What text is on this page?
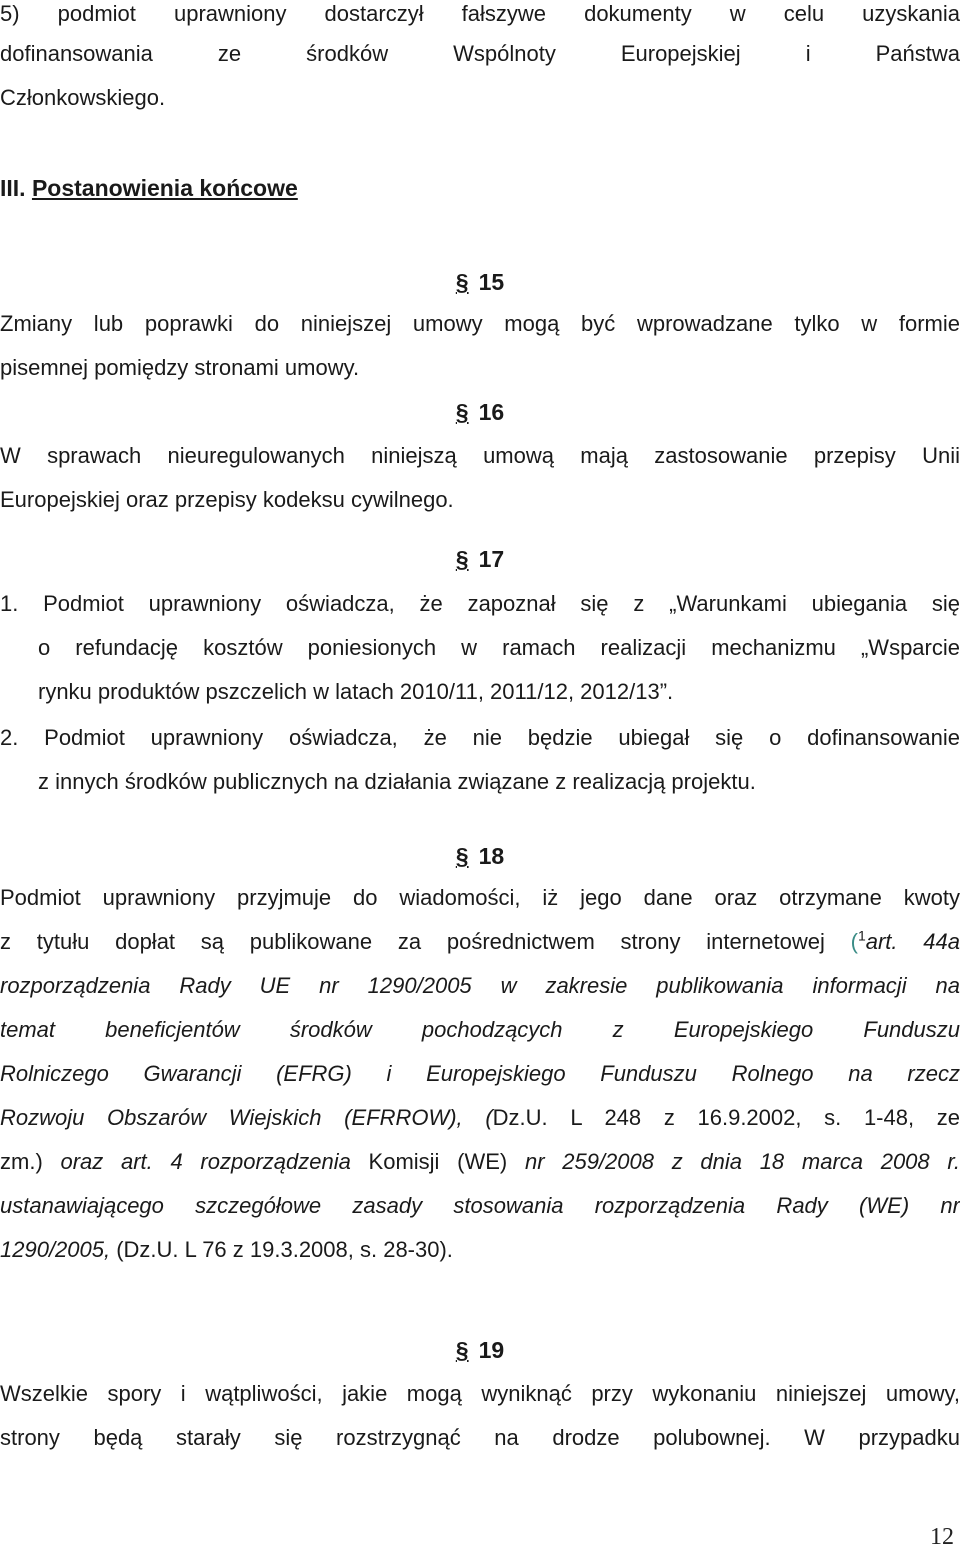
5) podmiot uprawniony dostarczył fałszywe dokumenty w celu uzyskania
dofinansowania ze środków Wspólnoty Europejskiej i Państwa
Członkowskiego.
III. Postanowienia końcowe
§ 15
Zmiany lub poprawki do niniejszej umowy mogą być wprowadzane tylko w formie
pisemnej pomiędzy stronami umowy.
§ 16
W sprawach nieuregulowanych niniejszą umową mają zastosowanie przepisy Unii
Europejskiej oraz przepisy kodeksu cywilnego.
§ 17
1. Podmiot uprawniony oświadcza, że zapoznał się z „Warunkami ubiegania się
o refundację kosztów poniesionych w ramach realizacji mechanizmu „Wsparcie
rynku produktów pszczelich w latach 2010/11, 2011/12, 2012/13”.
2. Podmiot uprawniony oświadcza, że nie będzie ubiegał się o dofinansowanie
z innych środków publicznych na działania związane z realizacją projektu.
§ 18
Podmiot uprawniony przyjmuje do wiadomości, iż jego dane oraz otrzymane kwoty
z tytułu dopłat są publikowane za pośrednictwem strony internetowej ($^1$art. 44a
rozporządzenia Rady UE nr 1290/2005 w zakresie publikowania informacji na
temat beneficjentów środków pochodzących z Europejskiego Funduszu
Rolniczego Gwarancji (EFRG) i Europejskiego Funduszu Rolnego na rzecz
Rozwoju Obszarów Wiejskich (EFRROW), (Dz.U. L 248 z 16.9.2002, s. 1-48, ze
zm.) oraz art. 4 rozporządzenia Komisji (WE) nr 259/2008 z dnia 18 marca 2008 r.
ustanawiającego szczegółowe zasady stosowania rozporządzenia Rady (WE) nr
1290/2005, (Dz.U. L 76 z 19.3.2008, s. 28-30).
§ 19
Wszelkie spory i wątpliwości, jakie mogą wyniknąć przy wykonaniu niniejszej umowy,
strony będą starały się rozstrzygnąć na drodze polubownej. W przypadku
12
